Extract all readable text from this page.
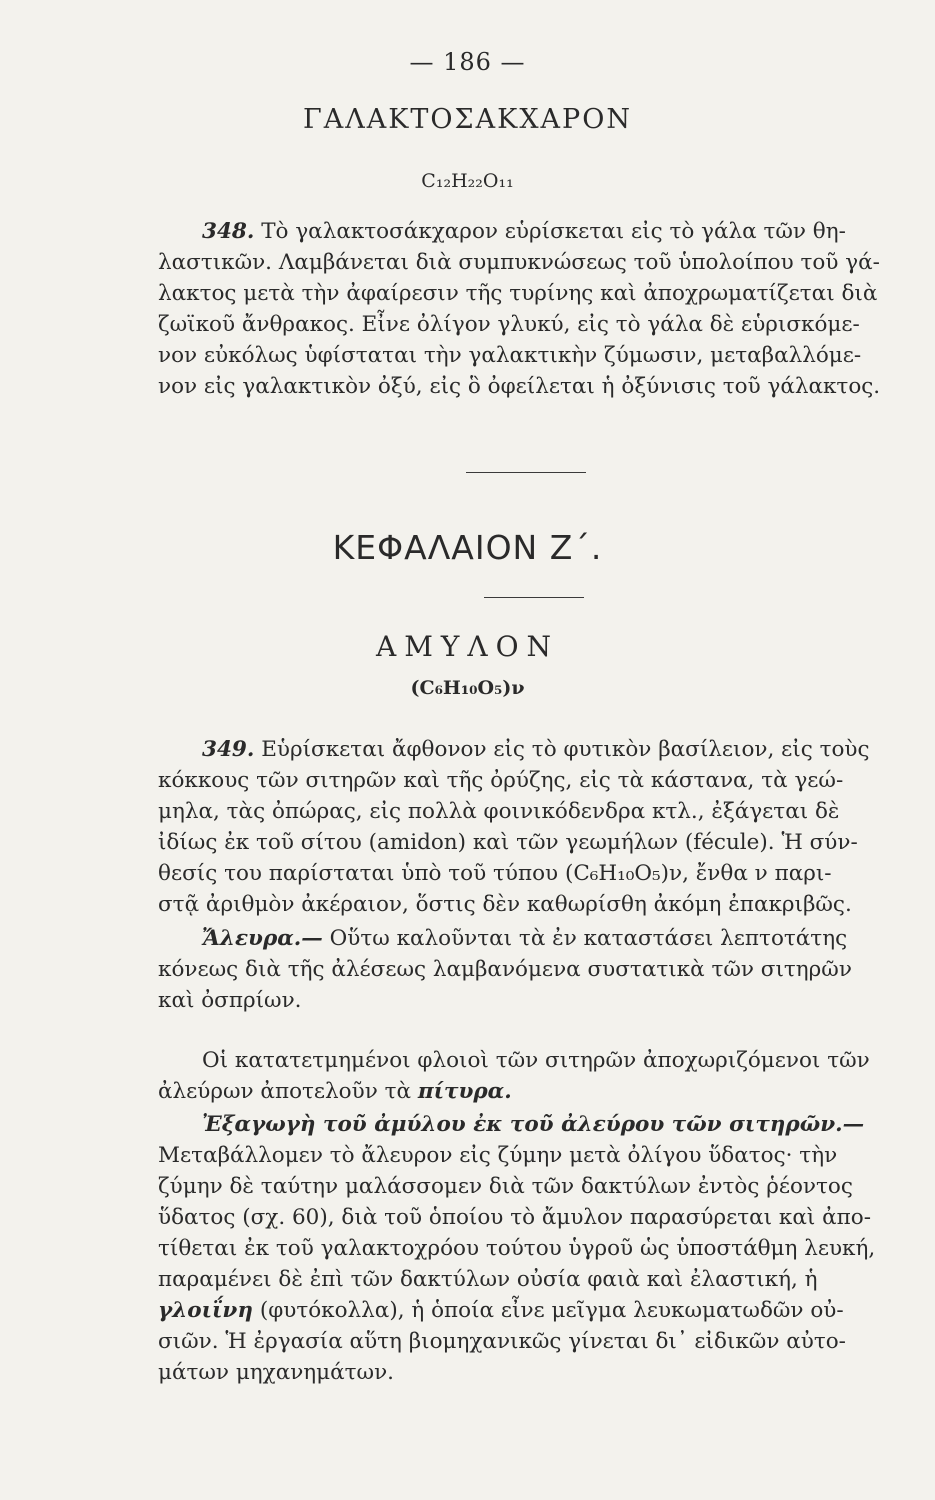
— 186 —
ΓΑΛΑΚΤΟΣΑΚΧΑΡΟΝ
C₁₂H₂₂O₁₁
348. Τὸ γαλακτοσάκχαρον εὑρίσκεται εἰς τὸ γάλα τῶν θη-
λαστικῶν. Λαμβάνεται διὰ συμπυκνώσεως τοῦ ὑπολοίπου τοῦ γά-
λακτος μετὰ τὴν ἀφαίρεσιν τῆς τυρίνης καὶ ἀποχρωματίζεται διὰ
ζωϊκοῦ ἄνθρακος. Εἶνε ὀλίγον γλυκύ, εἰς τὸ γάλα δὲ εὑρισκόμε-
νον εὐκόλως ὑφίσταται τὴν γαλακτικὴν ζύμωσιν, μεταβαλλόμε-
νον εἰς γαλακτικὸν ὀξύ, εἰς ὃ ὀφείλεται ἡ ὀξύνισις τοῦ γάλακτος.
ΚΕΦΑΛΑΙΟΝ Ζ΄.
ΑΜΥΛΟΝ
(C₆H₁₀O₅)ν
349. Εὑρίσκεται ἄφθονον εἰς τὸ φυτικὸν βασίλειον, εἰς τοὺς
κόκκους τῶν σιτηρῶν καὶ τῆς ὀρύζης, εἰς τὰ κάστανα, τὰ γεώ-
μηλα, τὰς ὀπώρας, εἰς πολλὰ φοινικόδενδρα κτλ., ἐξάγεται δὲ
ἰδίως ἐκ τοῦ σίτου (amidon) καὶ τῶν γεωμήλων (fécule). Ἡ σύν-
θεσίς του παρίσταται ὑπὸ τοῦ τύπου (C₆H₁₀O₅)ν, ἔνθα ν παρι-
στᾷ ἀριθμὸν ἀκέραιον, ὅστις δὲν καθωρίσθη ἀκόμη ἐπακριβῶς.
Ἄλευρα.— Οὕτω καλοῦνται τὰ ἐν καταστάσει λεπτοτάτης
κόνεως διὰ τῆς ἀλέσεως λαμβανόμενα συστατικὰ τῶν σιτηρῶν
καὶ ὀσπρίων.
Οἱ κατατετμημένοι φλοιοὶ τῶν σιτηρῶν ἀποχωριζόμενοι τῶν
ἀλεύρων ἀποτελοῦν τὰ πίτυρα.
Ἐξαγωγὴ τοῦ ἀμύλου ἐκ τοῦ ἀλεύρου τῶν σιτηρῶν.—
Μεταβάλλομεν τὸ ἄλευρον εἰς ζύμην μετὰ ὀλίγου ὕδατος· τὴν
ζύμην δὲ ταύτην μαλάσσομεν διὰ τῶν δακτύλων ἐντὸς ῥέοντος
ὕδατος (σχ. 60), διὰ τοῦ ὁποίου τὸ ἄμυλον παρασύρεται καὶ ἀπο-
τίθεται ἐκ τοῦ γαλακτοχρόου τούτου ὑγροῦ ὡς ὑποστάθμη λευκή,
παραμένει δὲ ἐπὶ τῶν δακτύλων οὐσία φαιὰ καὶ ἐλαστική, ἡ
γλοιΐνη (φυτόκολλα), ἡ ὁποία εἶνε μεῖγμα λευκωματωδῶν οὐ-
σιῶν. Ἡ ἐργασία αὕτη βιομηχανικῶς γίνεται δι᾿ εἰδικῶν αὐτο-
μάτων μηχανημάτων.
